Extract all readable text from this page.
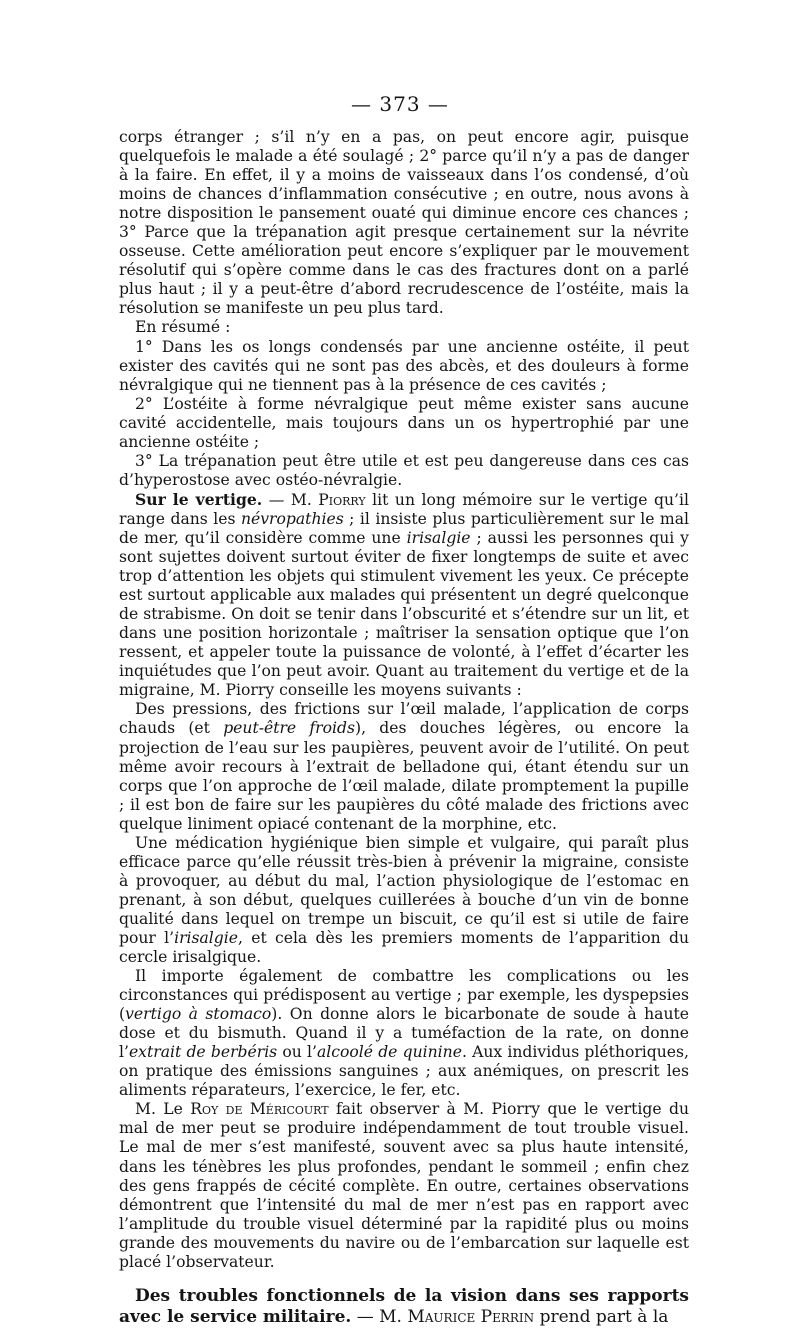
— 373 —

corps étranger ; s’il n’y en a pas, on peut encore agir, puisque quelquefois le malade a été soulagé ; 2° parce qu’il n’y a pas de danger à la faire. En effet, il y a moins de vaisseaux dans l’os condensé, d’où moins de chances d’inflammation consécutive ; en outre, nous avons à notre disposition le pansement ouaté qui diminue encore ces chances ; 3° Parce que la trépanation agit presque certainement sur la névrite osseuse. Cette amélioration peut encore s’expliquer par le mouvement résolutif qui s’opère comme dans le cas des fractures dont on a parlé plus haut ; il y a peut-être d’abord recrudescence de l’ostéite, mais la résolution se manifeste un peu plus tard.

En résumé :

1° Dans les os longs condensés par une ancienne ostéite, il peut exister des cavités qui ne sont pas des abcès, et des douleurs à forme névralgique qui ne tiennent pas à la présence de ces cavités ;

2° L’ostéite à forme névralgique peut même exister sans aucune cavité accidentelle, mais toujours dans un os hypertrophié par une ancienne ostéite ;

3° La trépanation peut être utile et est peu dangereuse dans ces cas d’hyperostose avec ostéo-névralgie.

Sur le vertige. — M. Piorry lit un long mémoire sur le vertige qu’il range dans les névropathies ; il insiste plus particulièrement sur le mal de mer, qu’il considère comme une irisalgie ; aussi les personnes qui y sont sujettes doivent surtout éviter de fixer longtemps de suite et avec trop d’attention les objets qui stimulent vivement les yeux. Ce précepte est surtout applicable aux malades qui présentent un degré quelconque de strabisme. On doit se tenir dans l’obscurité et s’étendre sur un lit, et dans une position horizontale ; maîtriser la sensation optique que l’on ressent, et appeler toute la puissance de volonté, à l’effet d’écarter les inquiétudes que l’on peut avoir. Quant au traitement du vertige et de la migraine, M. Piorry conseille les moyens suivants :

Des pressions, des frictions sur l’œil malade, l’application de corps chauds (et peut-être froids), des douches légères, ou encore la projection de l’eau sur les paupières, peuvent avoir de l’utilité. On peut même avoir recours à l’extrait de belladone qui, étant étendu sur un corps que l’on approche de l’œil malade, dilate promptement la pupille ; il est bon de faire sur les paupières du côté malade des frictions avec quelque liniment opiacé contenant de la morphine, etc.

Une médication hygiénique bien simple et vulgaire, qui paraît plus efficace parce qu’elle réussit très-bien à prévenir la migraine, consiste à provoquer, au début du mal, l’action physiologique de l’estomac en prenant, à son début, quelques cuillerées à bouche d’un vin de bonne qualité dans lequel on trempe un biscuit, ce qu’il est si utile de faire pour l’irisalgie, et cela dès les premiers moments de l’apparition du cercle irisalgique.

Il importe également de combattre les complications ou les circonstances qui prédisposent au vertige ; par exemple, les dyspepsies (vertigo à stomaco). On donne alors le bicarbonate de soude à haute dose et du bismuth. Quand il y a tuméfaction de la rate, on donne l’extrait de berbéris ou l’alcoolé de quinine. Aux individus pléthoriques, on pratique des émissions sanguines ; aux anémiques, on prescrit les aliments réparateurs, l’exercice, le fer, etc.

M. Le Roy de Méricourt fait observer à M. Piorry que le vertige du mal de mer peut se produire indépendamment de tout trouble visuel. Le mal de mer s’est manifesté, souvent avec sa plus haute intensité, dans les ténèbres les plus profondes, pendant le sommeil ; enfin chez des gens frappés de cécité complète. En outre, certaines observations démontrent que l’intensité du mal de mer n’est pas en rapport avec l’amplitude du trouble visuel déterminé par la rapidité plus ou moins grande des mouvements du navire ou de l’embarcation sur laquelle est placé l’observateur.

Des troubles fonctionnels de la vision dans ses rapports avec le service militaire. — M. Maurice Perrin prend part à la
